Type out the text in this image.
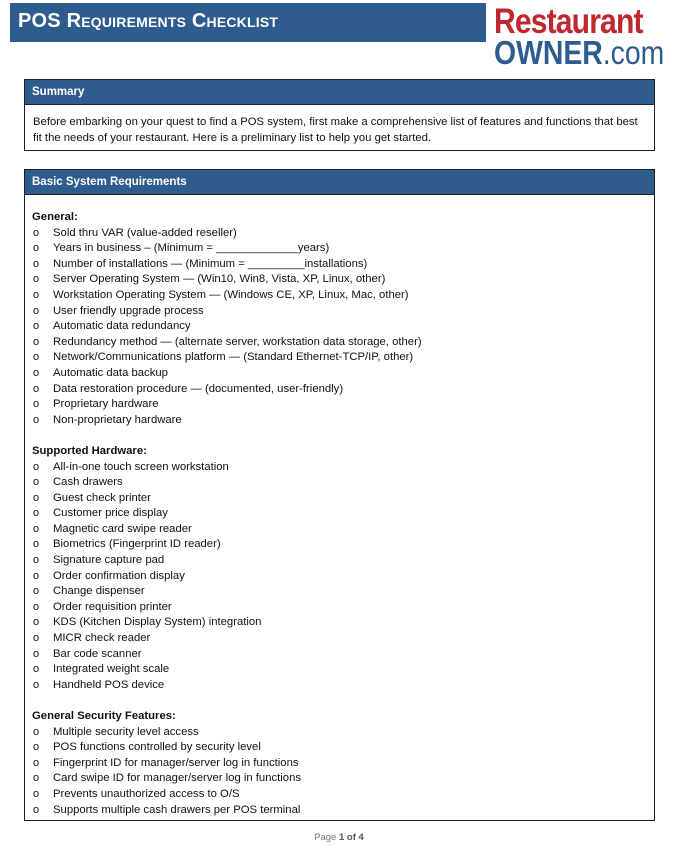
POS Requirements Checklist	Restaurant
OWNER.com
Summary
Before embarking on your quest to find a POS system, first make a comprehensive list of features and functions that best fit the needs of your restaurant. Here is a preliminary list to help you get started.
Basic System Requirements
General:
o Sold thru VAR (value-added reseller)
o Years in business – (Minimum = _____________years)
o Number of installations — (Minimum = _________installations)
o Server Operating System — (Win10, Win8, Vista, XP, Linux, other)
o Workstation Operating System — (Windows CE, XP, Linux, Mac, other)
o User friendly upgrade process
o Automatic data redundancy
o Redundancy method — (alternate server, workstation data storage, other)
o Network/Communications platform — (Standard Ethernet-TCP/IP, other)
o Automatic data backup
o Data restoration procedure — (documented, user-friendly)
o Proprietary hardware
o Non-proprietary hardware
Supported Hardware:
o All-in-one touch screen workstation
o Cash drawers
o Guest check printer
o Customer price display
o Magnetic card swipe reader
o Biometrics (Fingerprint ID reader)
o Signature capture pad
o Order confirmation display
o Change dispenser
o Order requisition printer
o KDS (Kitchen Display System) integration
o MICR check reader
o Bar code scanner
o Integrated weight scale
o Handheld POS device
General Security Features:
o Multiple security level access
o POS functions controlled by security level
o Fingerprint ID for manager/server log in functions
o Card swipe ID for manager/server log in functions
o Prevents unauthorized access to O/S
o Supports multiple cash drawers per POS terminal
Page 1 of 4
